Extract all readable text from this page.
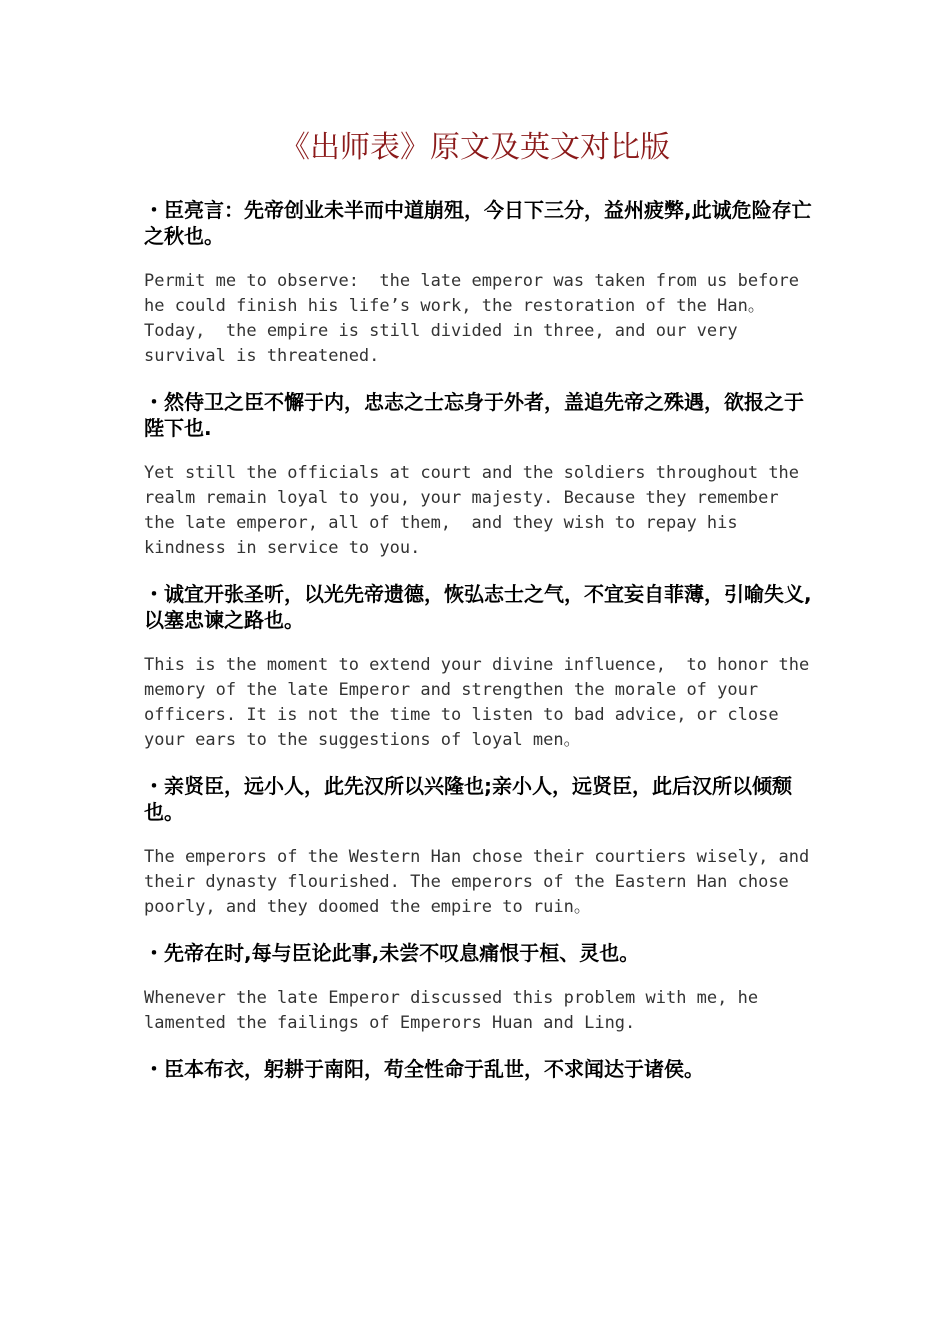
《出师表》原文及英文对比版

・臣亮言：先帝创业未半而中道崩殂，今日下三分，益州疲弊,此诚危险存亡之秋也。

Permit me to observe:  the late emperor was taken from us before he could finish his life’s work, the restoration of the Han。 Today,  the empire is still divided in three, and our very survival is threatened.

・然侍卫之臣不懈于内，忠志之士忘身于外者，盖追先帝之殊遇，欲报之于陛下也.

Yet still the officials at court and the soldiers throughout the realm remain loyal to you, your majesty. Because they remember the late emperor, all of them,  and they wish to repay his kindness in service to you.

・诚宜开张圣听，以光先帝遗德，恢弘志士之气，不宜妄自菲薄，引喻失义,以塞忠谏之路也。

This is the moment to extend your divine influence,  to honor the memory of the late Emperor and strengthen the morale of your officers. It is not the time to listen to bad advice, or close your ears to the suggestions of loyal men。

・亲贤臣，远小人，此先汉所以兴隆也;亲小人，远贤臣，此后汉所以倾颓也。

The emperors of the Western Han chose their courtiers wisely, and their dynasty flourished. The emperors of the Eastern Han chose poorly, and they doomed the empire to ruin。

・先帝在时,每与臣论此事,未尝不叹息痛恨于桓、灵也。

Whenever the late Emperor discussed this problem with me, he lamented the failings of Emperors Huan and Ling.

・臣本布衣，躬耕于南阳，苟全性命于乱世，不求闻达于诸侯。
